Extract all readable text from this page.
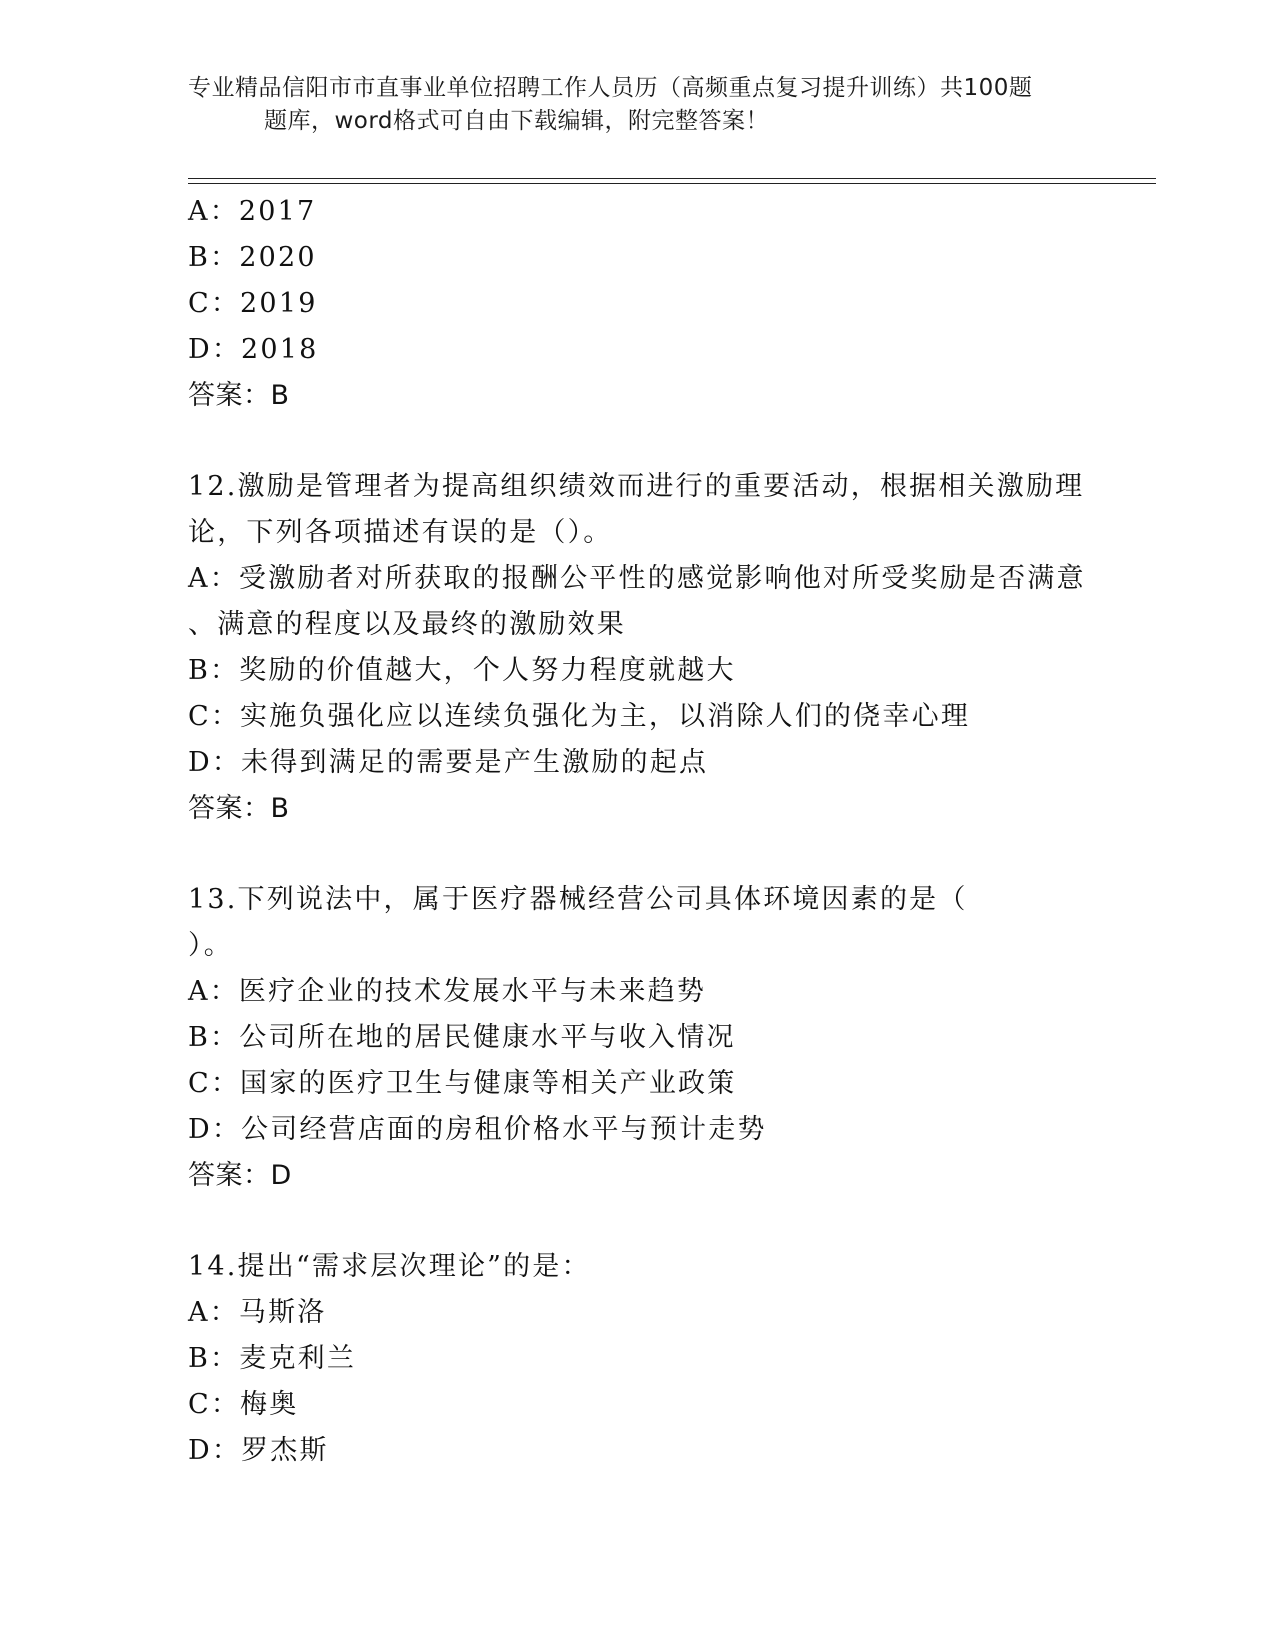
专业精品信阳市市直事业单位招聘工作人员历（高频重点复习提升训练）共100题
题库，word格式可自由下载编辑，附完整答案！
A：2017
B：2020
C：2019
D：2018
答案：B
12.激励是管理者为提高组织绩效而进行的重要活动，根据相关激励理
论，下列各项描述有误的是（）。
A：受激励者对所获取的报酬公平性的感觉影响他对所受奖励是否满意
、满意的程度以及最终的激励效果
B：奖励的价值越大，个人努力程度就越大
C：实施负强化应以连续负强化为主，以消除人们的侥幸心理
D：未得到满足的需要是产生激励的起点
答案：B
13.下列说法中，属于医疗器械经营公司具体环境因素的是（
）。
A：医疗企业的技术发展水平与未来趋势
B：公司所在地的居民健康水平与收入情况
C：国家的医疗卫生与健康等相关产业政策
D：公司经营店面的房租价格水平与预计走势
答案：D
14.提出“需求层次理论”的是：
A：马斯洛
B：麦克利兰
C：梅奥
D：罗杰斯
